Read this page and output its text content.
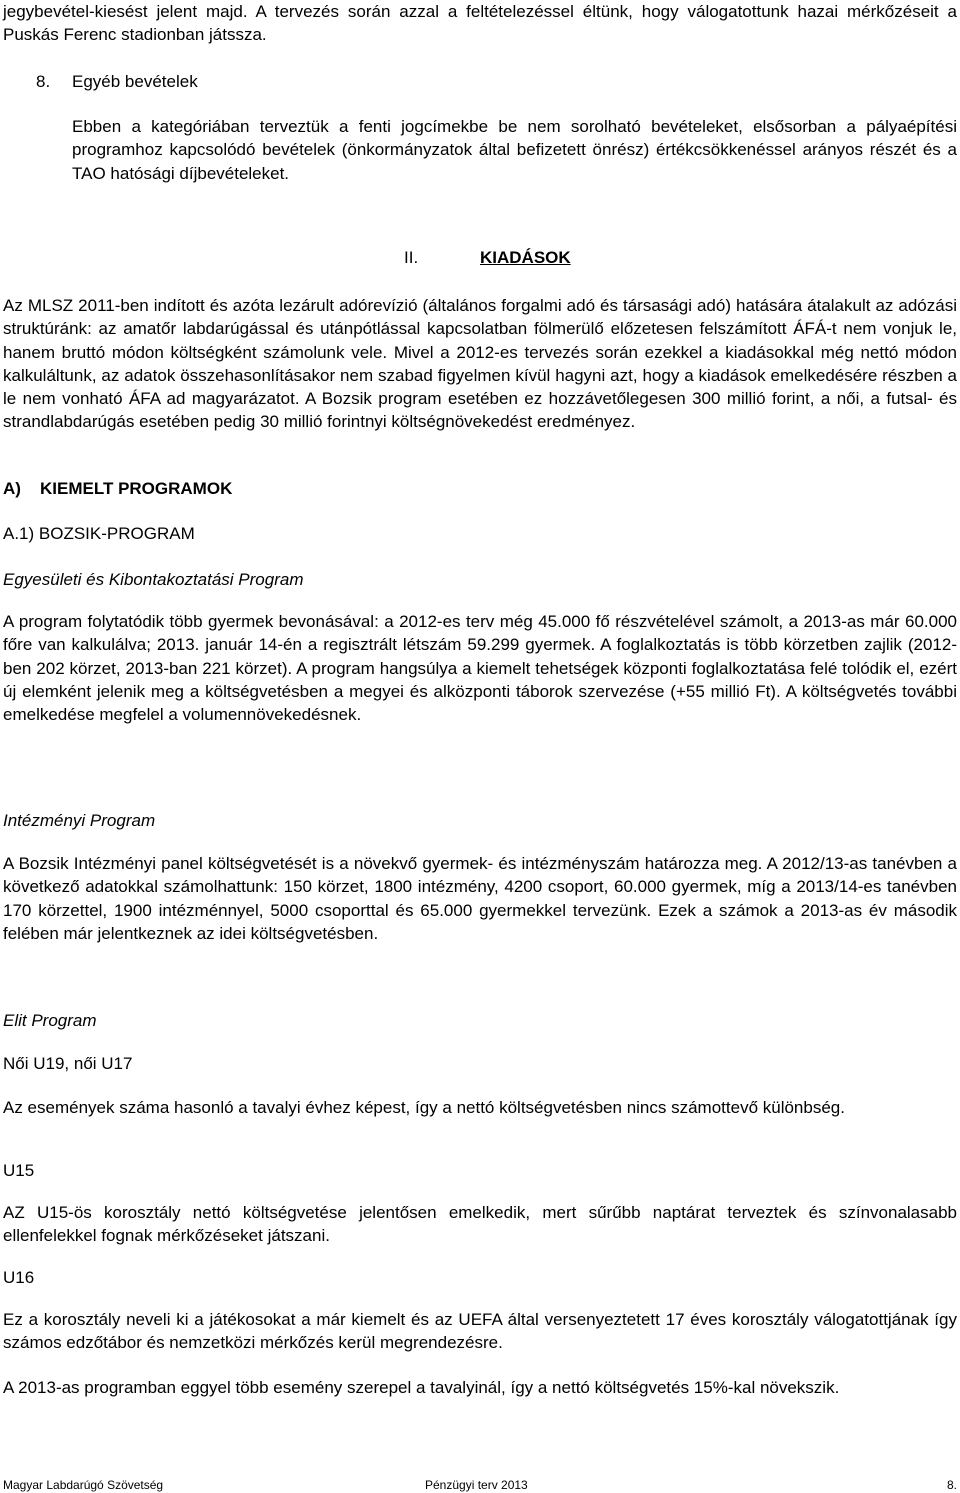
jegybevétel-kiesést jelent majd. A tervezés során azzal a feltételezéssel éltünk, hogy válogatottunk hazai mérkőzéseit a Puskás Ferenc stadionban játssza.

8. Egyéb bevételek

Ebben a kategóriában terveztük a fenti jogcímekbe be nem sorolható bevételeket, elsősorban a pályaépítési programhoz kapcsolódó bevételek (önkormányzatok által befizetett önrész) értékcsökkenéssel arányos részét és a TAO hatósági díjbevételeket.

II.	KIADÁSOK

Az MLSZ 2011-ben indított és azóta lezárult adórevízió (általános forgalmi adó és társasági adó) hatására átalakult az adózási struktúránk: az amatőr labdarúgással és utánpótlással kapcsolatban fölmerülő előzetesen felszámított ÁFÁ-t nem vonjuk le, hanem bruttó módon költségként számolunk vele. Mivel a 2012-es tervezés során ezekkel a kiadásokkal még nettó módon kalkuláltunk, az adatok összehasonlításakor nem szabad figyelmen kívül hagyni azt, hogy a kiadások emelkedésére részben a le nem vonható ÁFA ad magyarázatot. A Bozsik program esetében ez hozzávetőlegesen 300 millió forint, a női, a futsal- és strandlabdarúgás esetében pedig 30 millió forintnyi költségnövekedést eredményez.

A) KIEMELT PROGRAMOK
A.1) BOZSIK-PROGRAM
Egyesületi és Kibontakoztatási Program

A program folytatódik több gyermek bevonásával: a 2012-es terv még 45.000 fő részvételével számolt, a 2013-as már 60.000 főre van kalkulálva; 2013. január 14-én a regisztrált létszám 59.299 gyermek. A foglalkoztatás is több körzetben zajlik (2012-ben 202 körzet, 2013-ban 221 körzet). A program hangsúlya a kiemelt tehetségek központi foglalkoztatása felé tolódik el, ezért új elemként jelenik meg a költségvetésben a megyei és alközponti táborok szervezése (+55 millió Ft). A költségvetés további emelkedése megfelel a volumennövekedésnek.

Intézményi Program

A Bozsik Intézményi panel költségvetését is a növekvő gyermek- és intézményszám határozza meg. A 2012/13-as tanévben a következő adatokkal számolhattunk: 150 körzet, 1800 intézmény, 4200 csoport, 60.000 gyermek, míg a 2013/14-es tanévben 170 körzettel, 1900 intézménnyel, 5000 csoporttal és 65.000 gyermekkel tervezünk. Ezek a számok a 2013-as év második felében már jelentkeznek az idei költségvetésben.

Elit Program
Női U19, női U17

Az események száma hasonló a tavalyi évhez képest, így a nettó költségvetésben nincs számottevő különbség.

U15

AZ U15-ös korosztály nettó költségvetése jelentősen emelkedik, mert sűrűbb naptárat terveztek és színvonalasabb ellenfelekkel fognak mérkőzéseket játszani.

U16

Ez a korosztály neveli ki a játékosokat a már kiemelt és az UEFA által versenyeztetett 17 éves korosztály válogatottjának így számos edzőtábor és nemzetközi mérkőzés kerül megrendezésre.

A 2013-as programban eggyel több esemény szerepel a tavalyinál, így a nettó költségvetés 15%-kal növekszik.

Magyar Labdarúgó Szövetség	Pénzügyi terv 2013	8.
